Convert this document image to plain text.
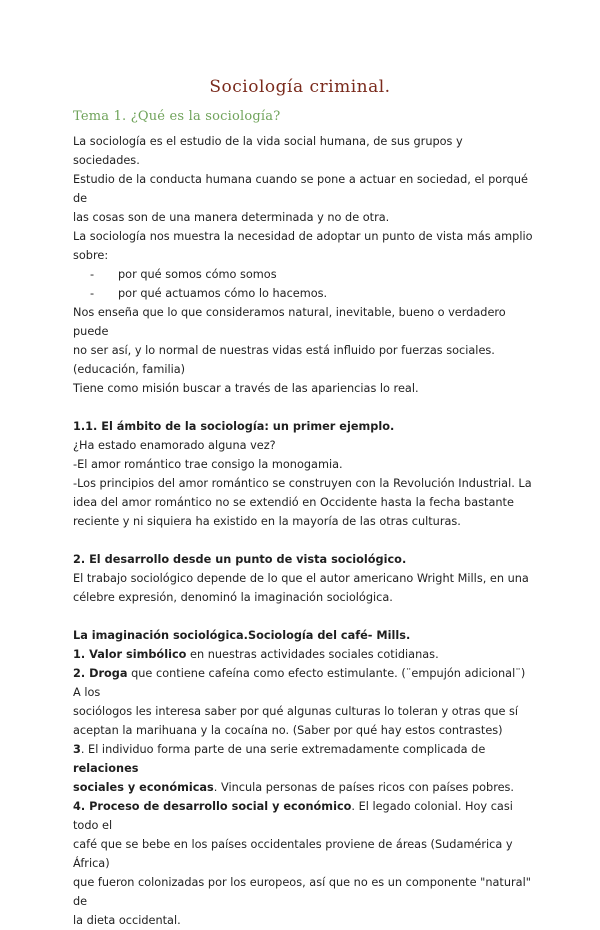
Sociología criminal.
Tema 1. ¿Qué es la sociología?

La sociología es el estudio de la vida social humana, de sus grupos y sociedades.

Estudio de la conducta humana cuando se pone a actuar en sociedad, el porqué de

las cosas son de una manera determinada y no de otra.

La sociología nos muestra la necesidad de adoptar un punto de vista más amplio

sobre:

- por qué somos cómo somos

- por qué actuamos cómo lo hacemos.

Nos enseña que lo que consideramos natural, inevitable, bueno o verdadero puede

no ser así, y lo normal de nuestras vidas está influido por fuerzas sociales.

(educación, familia)

Tiene como misión buscar a través de las apariencias lo real.

1.1. El ámbito de la sociología: un primer ejemplo.

¿Ha estado enamorado alguna vez?

-El amor romántico trae consigo la monogamia.

-Los principios del amor romántico se construyen con la Revolución Industrial. La

idea del amor romántico no se extendió en Occidente hasta la fecha bastante

reciente y ni siquiera ha existido en la mayoría de las otras culturas.

2. El desarrollo desde un punto de vista sociológico.

El trabajo sociológico depende de lo que el autor americano Wright Mills, en una

célebre expresión, denominó la imaginación sociológica.

La imaginación sociológica.Sociología del café- Mills.

1. Valor simbólico en nuestras actividades sociales cotidianas.

2. Droga que contiene cafeína como efecto estimulante. (¨empujón adicional¨) A los

sociólogos les interesa saber por qué algunas culturas lo toleran y otras que sí

aceptan la marihuana y la cocaína no. (Saber por qué hay estos contrastes)

3. El individuo forma parte de una serie extremadamente complicada de relaciones

sociales y económicas. Vincula personas de países ricos con países pobres.

4. Proceso de desarrollo social y económico. El legado colonial. Hoy casi todo el

café que se bebe en los países occidentales proviene de áreas (Sudamérica y África)

que fueron colonizadas por los europeos, así que no es un componente "natural" de

la dieta occidental.
